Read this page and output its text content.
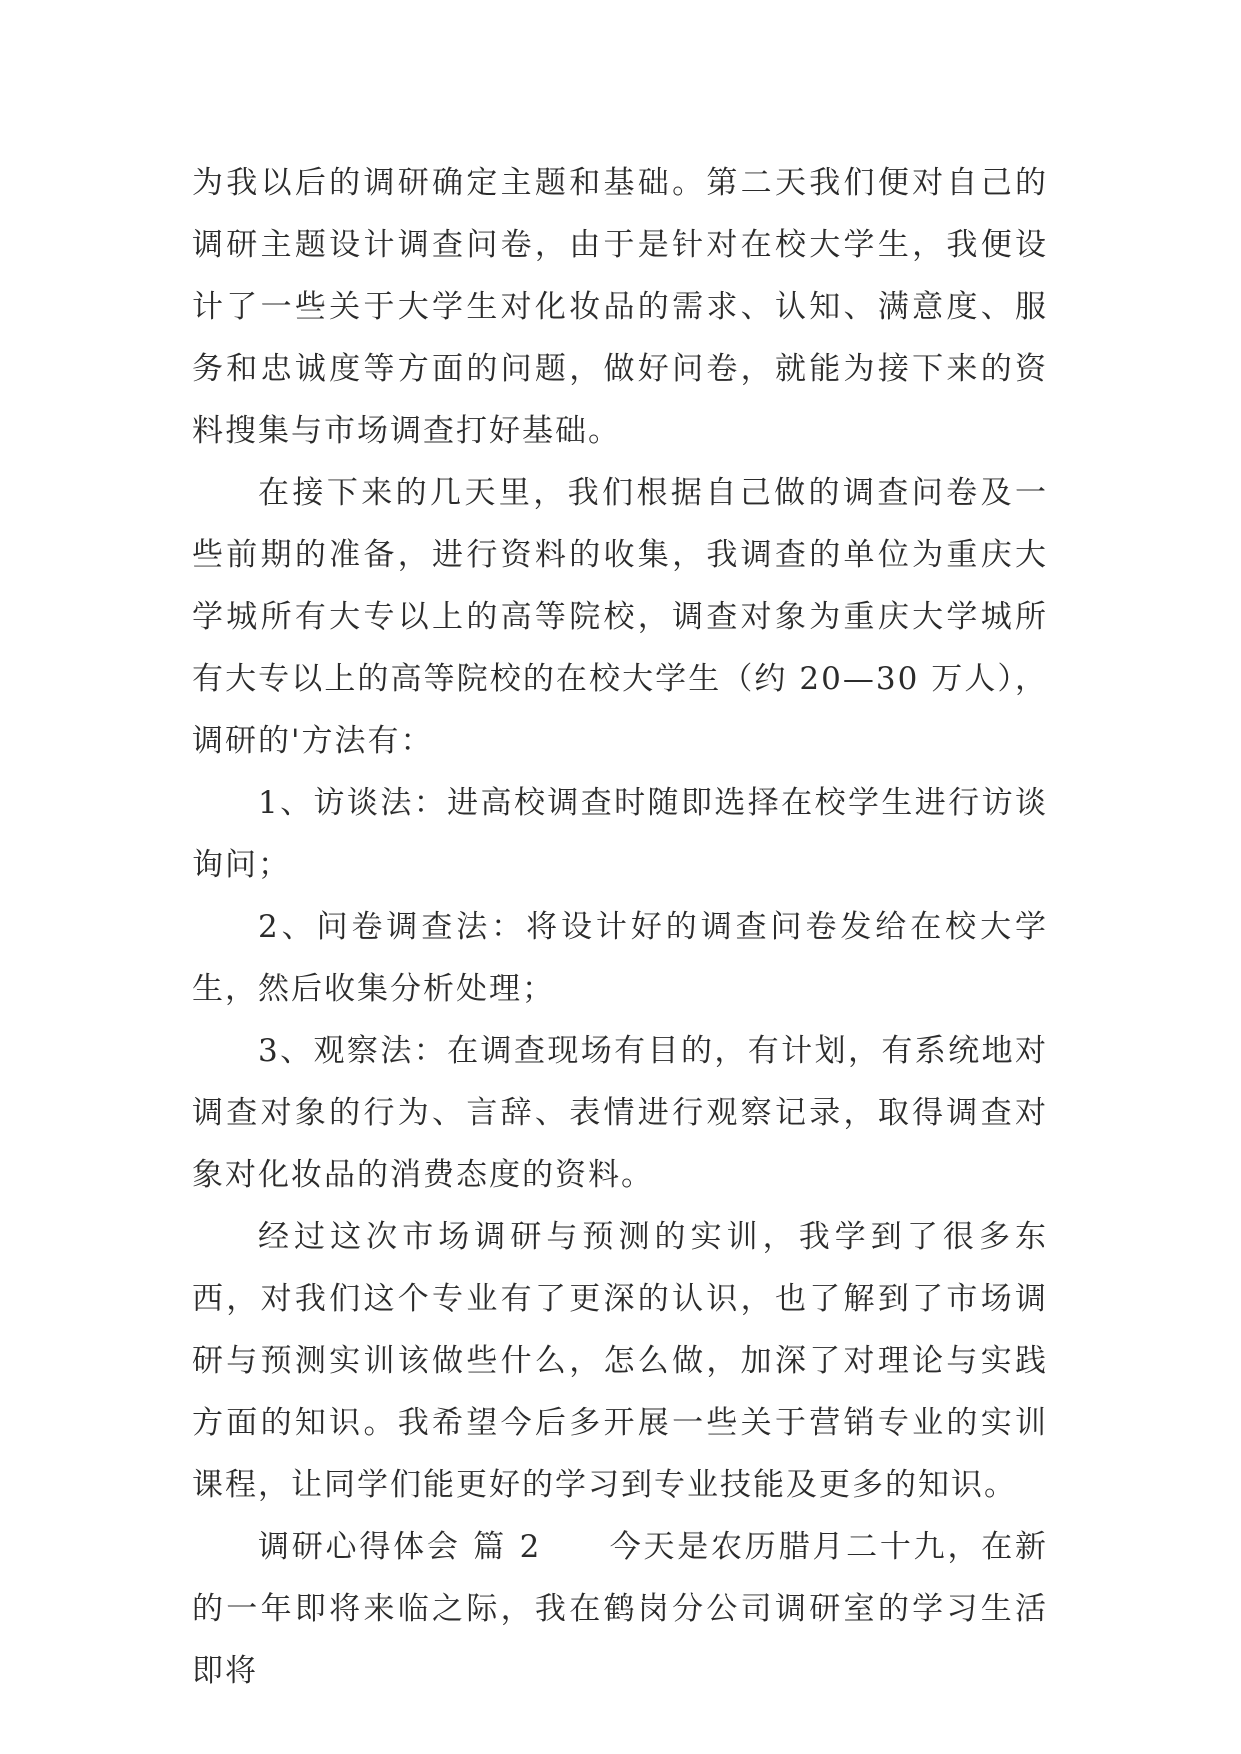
为我以后的调研确定主题和基础。第二天我们便对自己的调研主题设计调查问卷，由于是针对在校大学生，我便设计了一些关于大学生对化妆品的需求、认知、满意度、服务和忠诚度等方面的问题，做好问卷，就能为接下来的资料搜集与市场调查打好基础。

在接下来的几天里，我们根据自己做的调查问卷及一些前期的准备，进行资料的收集，我调查的单位为重庆大学城所有大专以上的高等院校，调查对象为重庆大学城所有大专以上的高等院校的在校大学生（约 20—30 万人），调研的'方法有：

1、访谈法：进高校调查时随即选择在校学生进行访谈询问；

2、问卷调查法：将设计好的调查问卷发给在校大学生，然后收集分析处理；

3、观察法：在调查现场有目的，有计划，有系统地对调查对象的行为、言辞、表情进行观察记录，取得调查对象对化妆品的消费态度的资料。

经过这次市场调研与预测的实训，我学到了很多东西，对我们这个专业有了更深的认识，也了解到了市场调研与预测实训该做些什么，怎么做，加深了对理论与实践方面的知识。我希望今后多开展一些关于营销专业的实训课程，让同学们能更好的学习到专业技能及更多的知识。

调研心得体会 篇 2　　今天是农历腊月二十九，在新的一年即将来临之际，我在鹤岗分公司调研室的学习生活即将
